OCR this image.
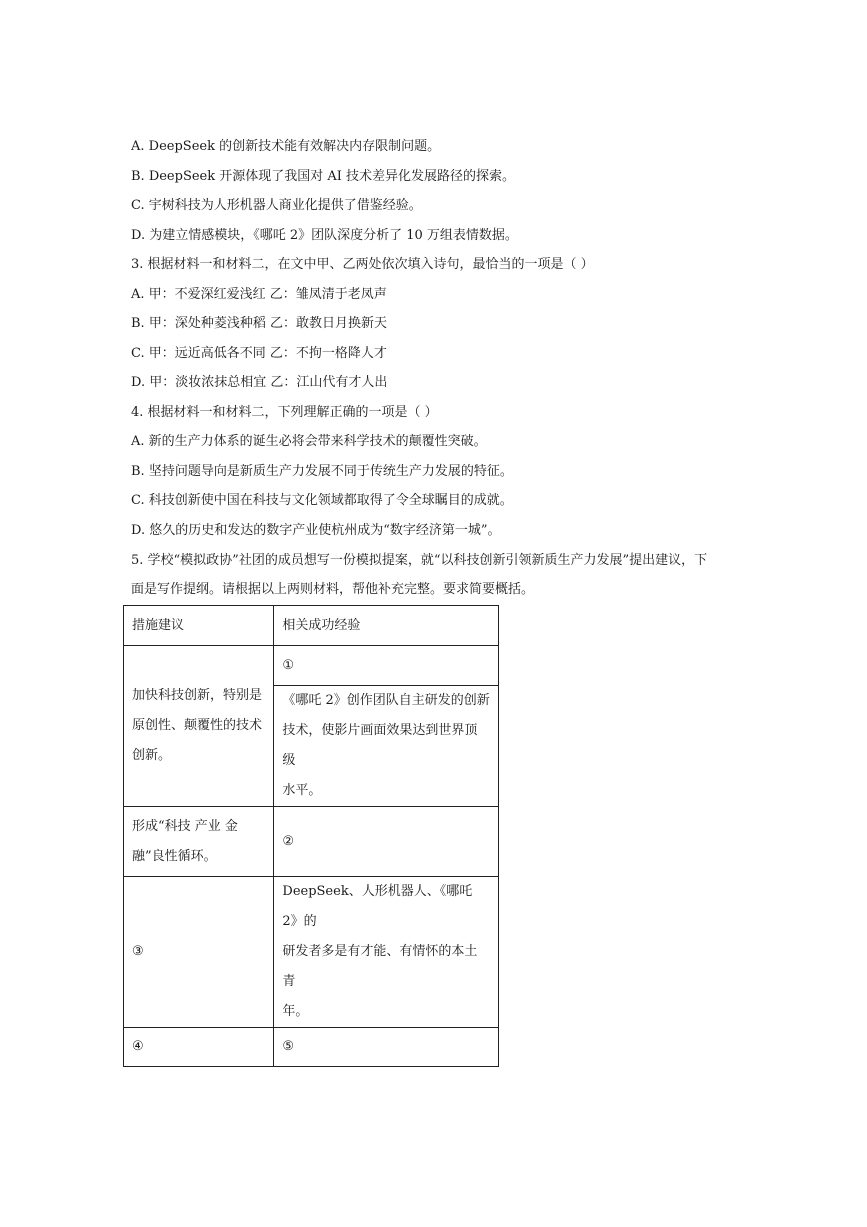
A. DeepSeek 的创新技术能有效解决内存限制问题。
B. DeepSeek 开源体现了我国对 AI 技术差异化发展路径的探索。
C. 宇树科技为人形机器人商业化提供了借鉴经验。
D. 为建立情感模块，《哪吒 2》团队深度分析了 10 万组表情数据。
3. 根据材料一和材料二，在文中甲、乙两处依次填入诗句，最恰当的一项是（ ）
A. 甲：不爱深红爱浅红 乙：雏凤清于老凤声
B. 甲：深处种菱浅种稻 乙：敢教日月换新天
C. 甲：远近高低各不同 乙：不拘一格降人才
D. 甲：淡妆浓抹总相宜 乙：江山代有才人出
4. 根据材料一和材料二，下列理解正确的一项是（ ）
A. 新的生产力体系的诞生必将会带来科学技术的颠覆性突破。
B. 坚持问题导向是新质生产力发展不同于传统生产力发展的特征。
C. 科技创新使中国在科技与文化领域都取得了令全球瞩目的成就。
D. 悠久的历史和发达的数字产业使杭州成为“数字经济第一城”。
5. 学校“模拟政协”社团的成员想写一份模拟提案，就“以科技创新引领新质生产力发展”提出建议，下
面是写作提纲。请根据以上两则材料，帮他补充完整。要求简要概括。
措施建议	相关成功经验

加快科技创新，特别是
原创性、颠覆性的技术
创新。	①

	《哪吒 2》创作团队自主研发的创新
技术，使影片画面效果达到世界顶级
水平。

形成“科技 产业 金
融”良性循环。	②
③	DeepSeek、人形机器人、《哪吒 2》的
研发者多是有才能、有情怀的本土青
年。

④	⑤
